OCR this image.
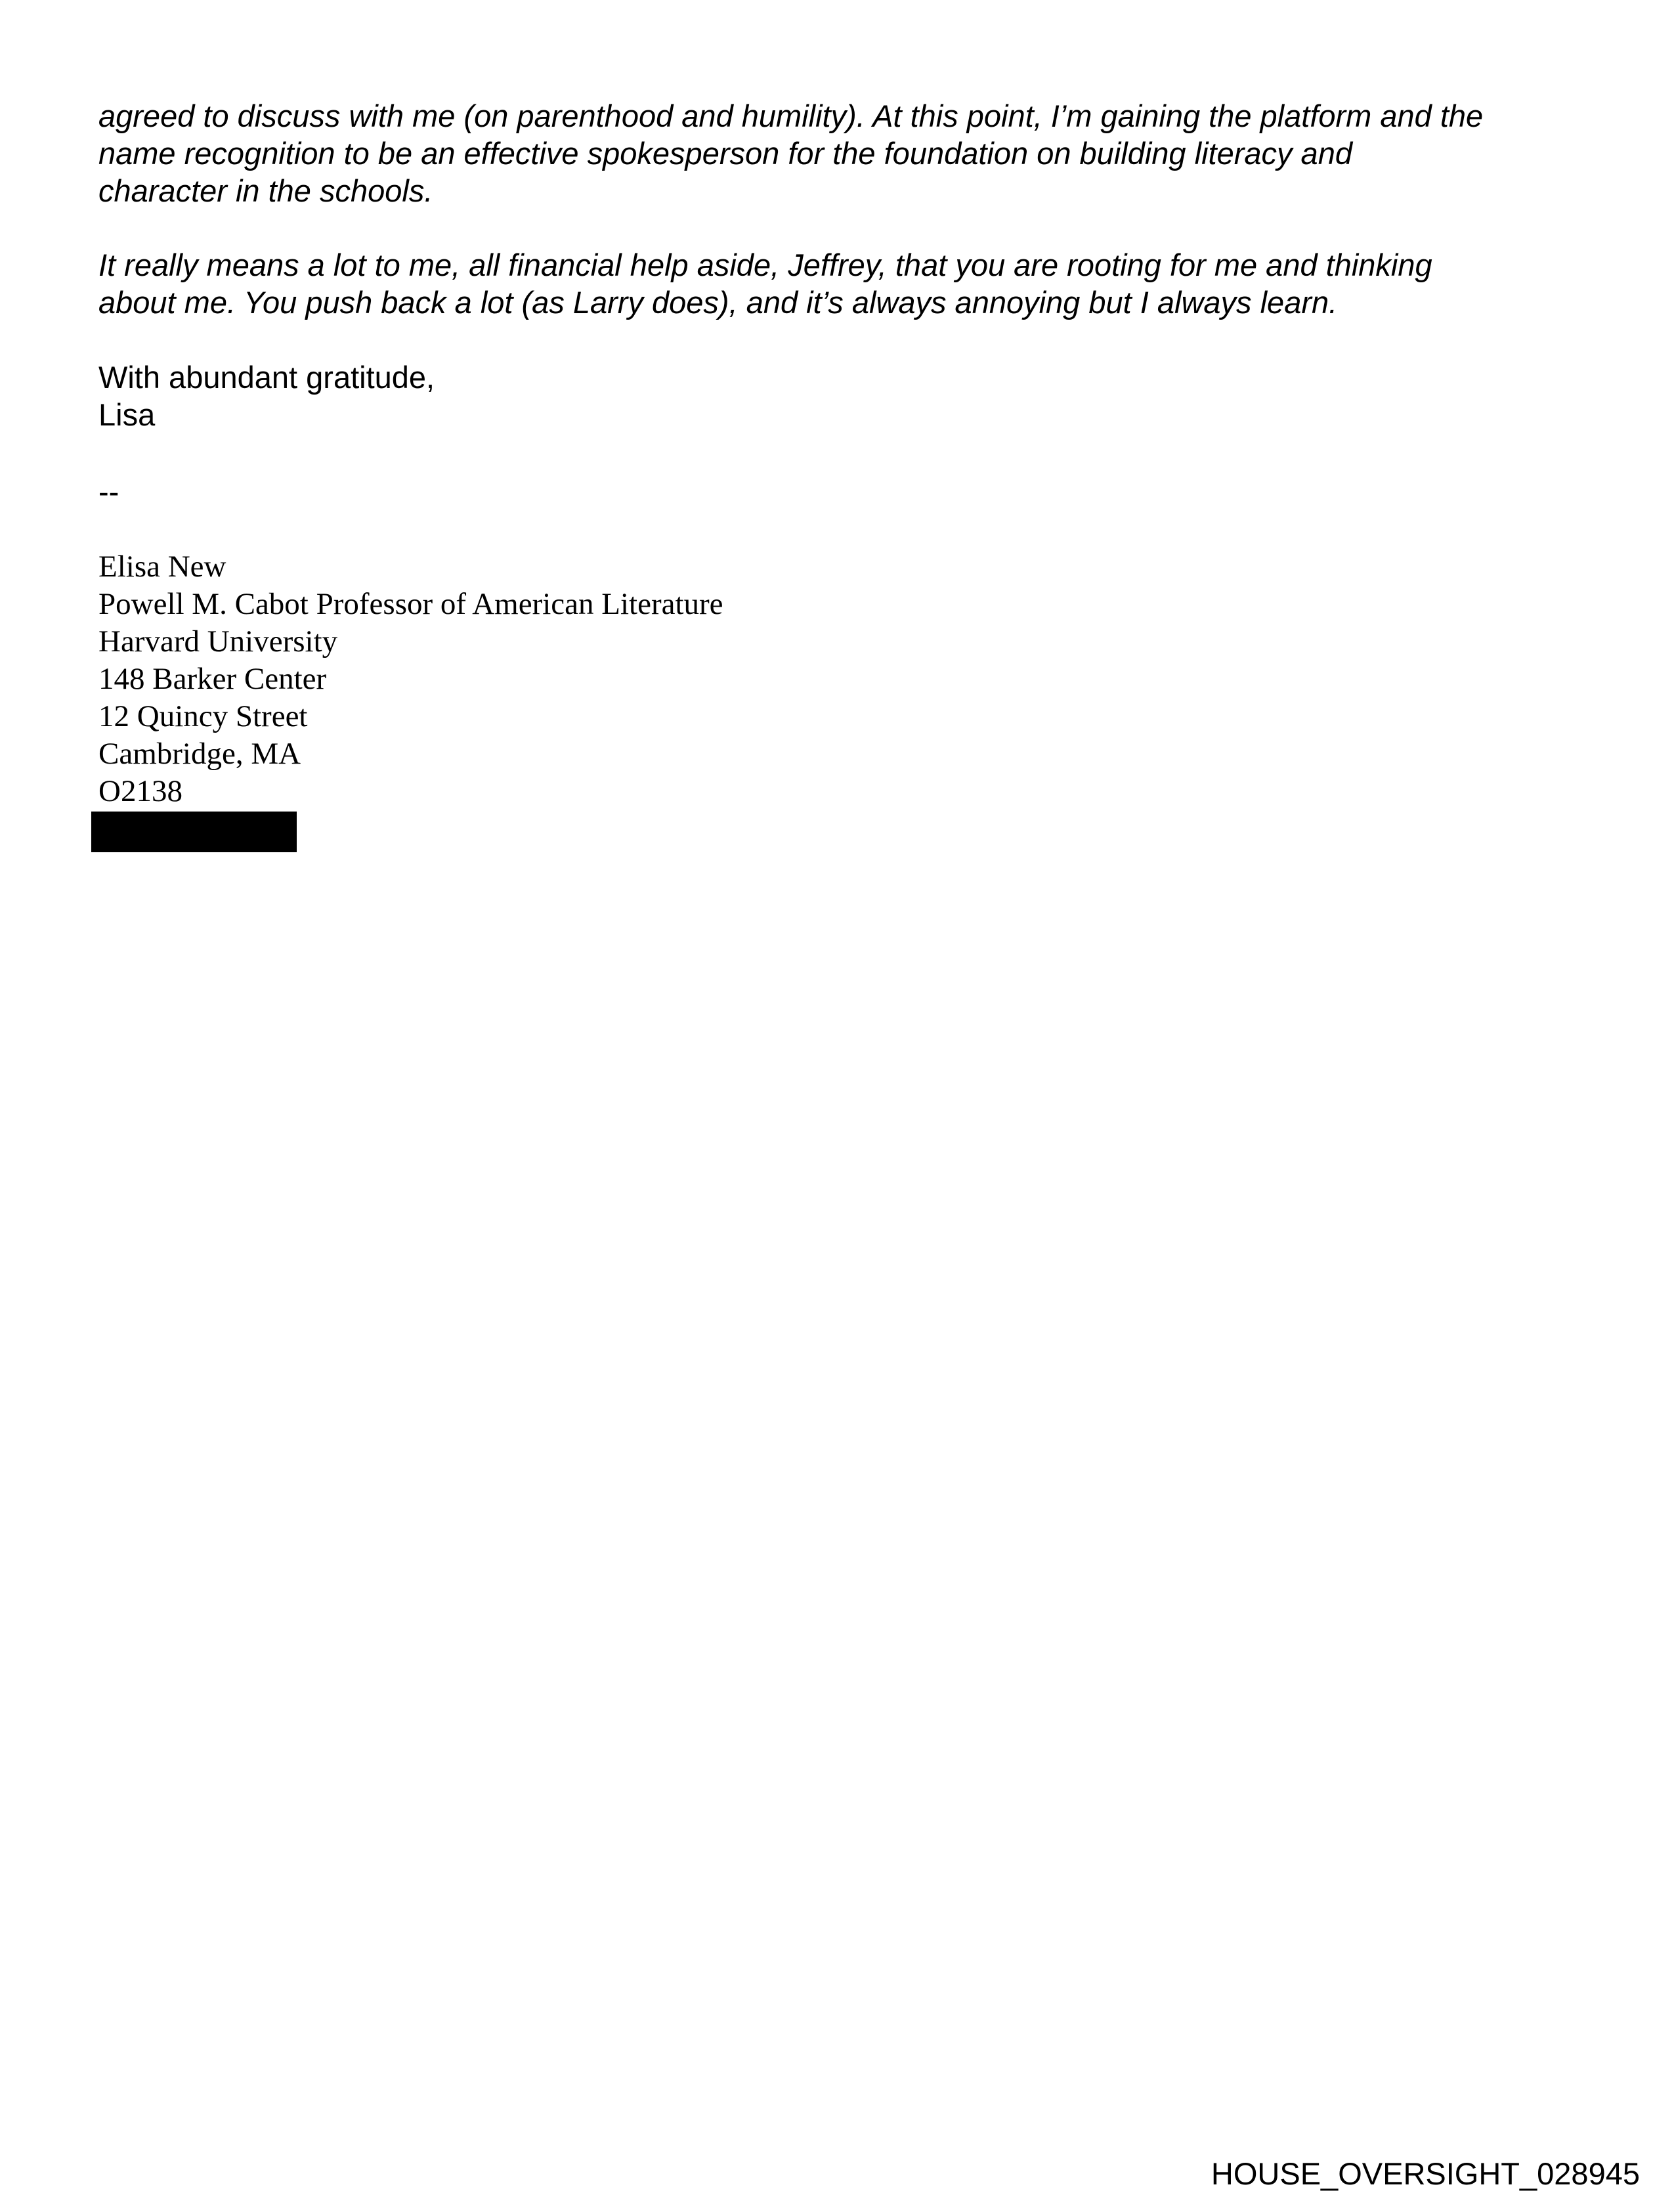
agreed to discuss with me (on parenthood and humility). At this point, I’m gaining the platform and the

name recognition to be an effective spokesperson for the foundation on building literacy and

character in the schools.

It really means a lot to me, all financial help aside, Jeffrey, that you are rooting for me and thinking

about me. You push back a lot (as Larry does), and it’s always annoying but I always learn.

With abundant gratitude,
Lisa
--
Elisa New
Powell M. Cabot Professor of American Literature
Harvard University
148 Barker Center
12 Quincy Street
Cambridge, MA
O2138
HOUSE_OVERSIGHT_028945
